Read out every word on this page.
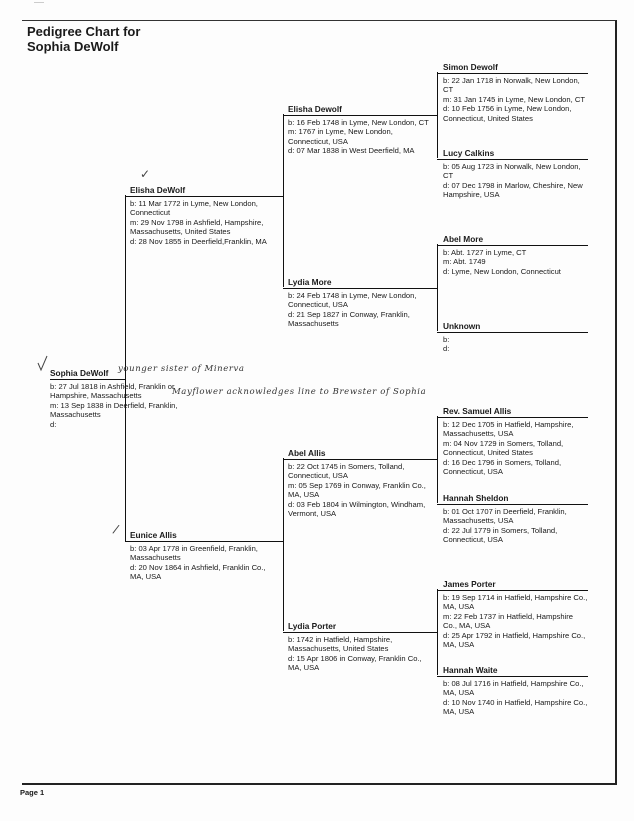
Pedigree Chart for
Sophia DeWolf
Sophia DeWolf
b: 27 Jul 1818 in Ashfield, Franklin or Hampshire, Massachusetts
m: 13 Sep 1838 in Deerfield, Franklin, Massachusetts
d:
Elisha DeWolf
b: 11 Mar 1772 in Lyme, New London, Connecticut
m: 29 Nov 1798 in Ashfield, Hampshire, Massachusetts, United States
d: 28 Nov 1855 in Deerfield,Franklin, MA
Eunice Allis
b: 03 Apr 1778 in Greenfield, Franklin, Massachusetts
d: 20 Nov 1864 in Ashfield, Franklin Co., MA, USA
Elisha Dewolf
b: 16 Feb 1748 in Lyme, New London, CT
m: 1767 in Lyme, New London, Connecticut, USA
d: 07 Mar 1838 in West Deerfield, MA
Lydia More
b: 24 Feb 1748 in Lyme, New London, Connecticut, USA
d: 21 Sep 1827 in Conway, Franklin, Massachusetts
Abel Allis
b: 22 Oct 1745 in Somers, Tolland, Connecticut, USA
m: 05 Sep 1769 in Conway, Franklin Co., MA, USA
d: 03 Feb 1804 in Wilmington, Windham, Vermont, USA
Lydia Porter
b: 1742 in Hatfield, Hampshire, Massachusetts, United States
d: 15 Apr 1806 in Conway, Franklin Co., MA, USA
Simon Dewolf
b: 22 Jan 1718 in Norwalk, New London, CT
m: 31 Jan 1745 in Lyme, New London, CT
d: 10 Feb 1756 in Lyme, New London, Connecticut, United States
Lucy Calkins
b: 05 Aug 1723 in Norwalk, New London, CT
d: 07 Dec 1798 in Marlow, Cheshire, New Hampshire, USA
Abel More
b: Abt. 1727 in Lyme, CT
m: Abt. 1749
d: Lyme, New London, Connecticut
Unknown
b:
d:
Rev. Samuel Allis
b: 12 Dec 1705 in Hatfield, Hampshire, Massachusetts, USA
m: 04 Nov 1729 in Somers, Tolland, Connecticut, United States
d: 16 Dec 1796 in Somers, Tolland, Connecticut, USA
Hannah Sheldon
b: 01 Oct 1707 in Deerfield, Franklin, Massachusetts, USA
d: 22 Jul 1779 in Somers, Tolland, Connecticut, USA
James Porter
b: 19 Sep 1714 in Hatfield, Hampshire Co., MA, USA
m: 22 Feb 1737 in Hatfield, Hampshire Co., MA, USA
d: 25 Apr 1792 in Hatfield, Hampshire Co., MA, USA
Hannah Waite
b: 08 Jul 1716 in Hatfield, Hampshire Co., MA, USA
d: 10 Nov 1740 in Hatfield, Hampshire Co., MA, USA
younger sister of Minerva
Mayflower acknowledges line to Brewster of Sophia
✓
/
Page 1
